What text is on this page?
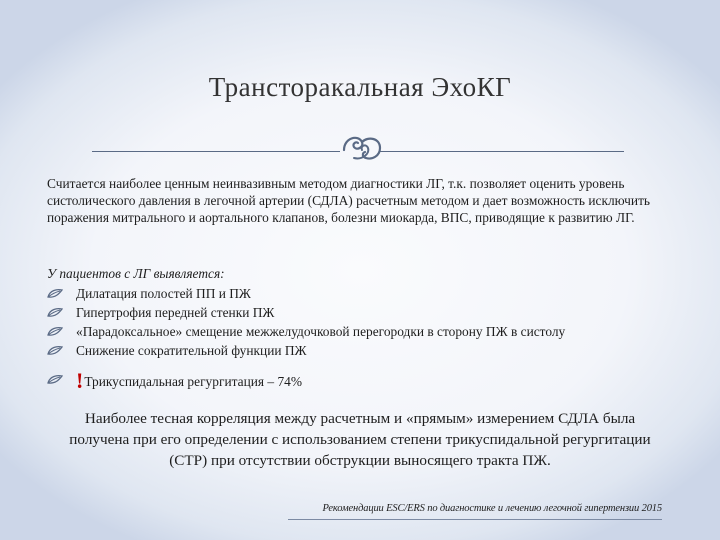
Трансторакальная ЭхоКГ
Считается наиболее ценным неинвазивным методом диагностики ЛГ, т.к. позволяет оценить уровень систолического давления в легочной артерии (СДЛА) расчетным методом и дает возможность исключить поражения митрального и аортального клапанов, болезни миокарда, ВПС, приводящие к развитию ЛГ.
У пациентов с ЛГ выявляется:
Дилатация полостей ПП и ПЖ
Гипертрофия передней стенки ПЖ
«Парадоксальное» смещение межжелудочковой перегородки в сторону ПЖ в систолу
Снижение сократительной функции ПЖ
!Трикуспидальная регургитация – 74%
Наиболее тесная корреляция между расчетным и «прямым» измерением СДЛА была
получена при его определении с использованием степени трикуспидальной регургитации
(СТР) при отсутствии обструкции выносящего тракта ПЖ.
Рекомендации ESC/ERS по диагностике и лечению легочной гипертензии 2015
